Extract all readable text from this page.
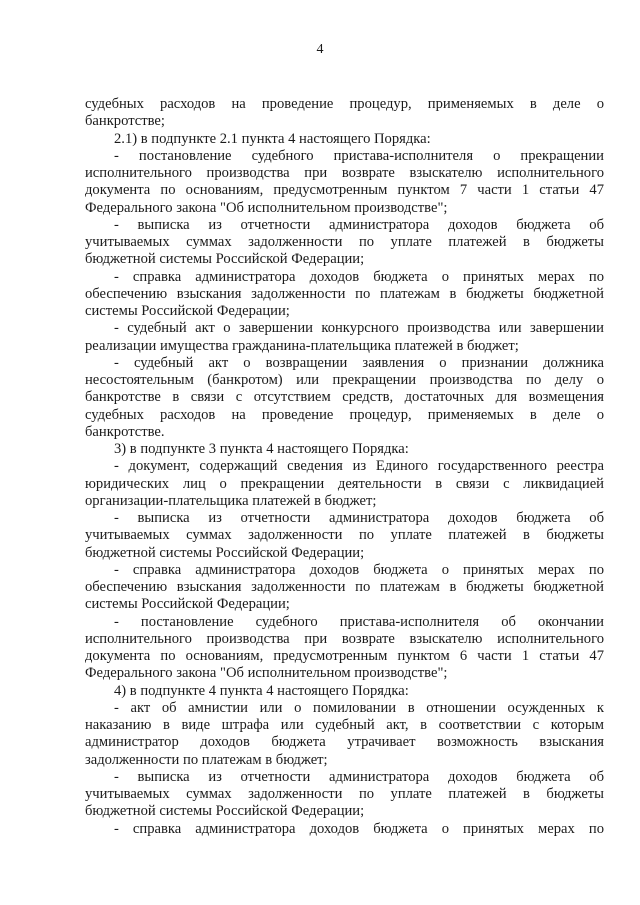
4
судебных расходов на проведение процедур, применяемых в деле о
банкротстве;
2.1) в подпункте 2.1 пункта 4 настоящего Порядка:
- постановление судебного пристава-исполнителя о прекращении
исполнительного производства при возврате взыскателю исполнительного
документа по основаниям, предусмотренным пунктом 7 части 1 статьи 47
Федерального закона "Об исполнительном производстве";
- выписка из отчетности администратора доходов бюджета об
учитываемых суммах задолженности по уплате платежей в бюджеты
бюджетной системы Российской Федерации;
- справка администратора доходов бюджета о принятых мерах по
обеспечению взыскания задолженности по платежам в бюджеты бюджетной
системы Российской Федерации;
- судебный акт о завершении конкурсного производства или завершении
реализации имущества гражданина-плательщика платежей в бюджет;
- судебный акт о возвращении заявления о признании должника
несостоятельным (банкротом) или прекращении производства по делу о
банкротстве в связи с отсутствием средств, достаточных для возмещения
судебных расходов на проведение процедур, применяемых в деле о
банкротстве.
3) в подпункте 3 пункта 4 настоящего Порядка:
- документ, содержащий сведения из Единого государственного реестра
юридических лиц о прекращении деятельности в связи с ликвидацией
организации-плательщика платежей в бюджет;
- выписка из отчетности администратора доходов бюджета об
учитываемых суммах задолженности по уплате платежей в бюджеты
бюджетной системы Российской Федерации;
- справка администратора доходов бюджета о принятых мерах по
обеспечению взыскания задолженности по платежам в бюджеты бюджетной
системы Российской Федерации;
- постановление судебного пристава-исполнителя об окончании
исполнительного производства при возврате взыскателю исполнительного
документа по основаниям, предусмотренным пунктом 6 части 1 статьи 47
Федерального закона "Об исполнительном производстве";
4) в подпункте 4 пункта 4 настоящего Порядка:
- акт об амнистии или о помиловании в отношении осужденных к
наказанию в виде штрафа или судебный акт, в соответствии с которым
администратор доходов бюджета утрачивает возможность взыскания
задолженности по платежам в бюджет;
- выписка из отчетности администратора доходов бюджета об
учитываемых суммах задолженности по уплате платежей в бюджеты
бюджетной системы Российской Федерации;
- справка администратора доходов бюджета о принятых мерах по
